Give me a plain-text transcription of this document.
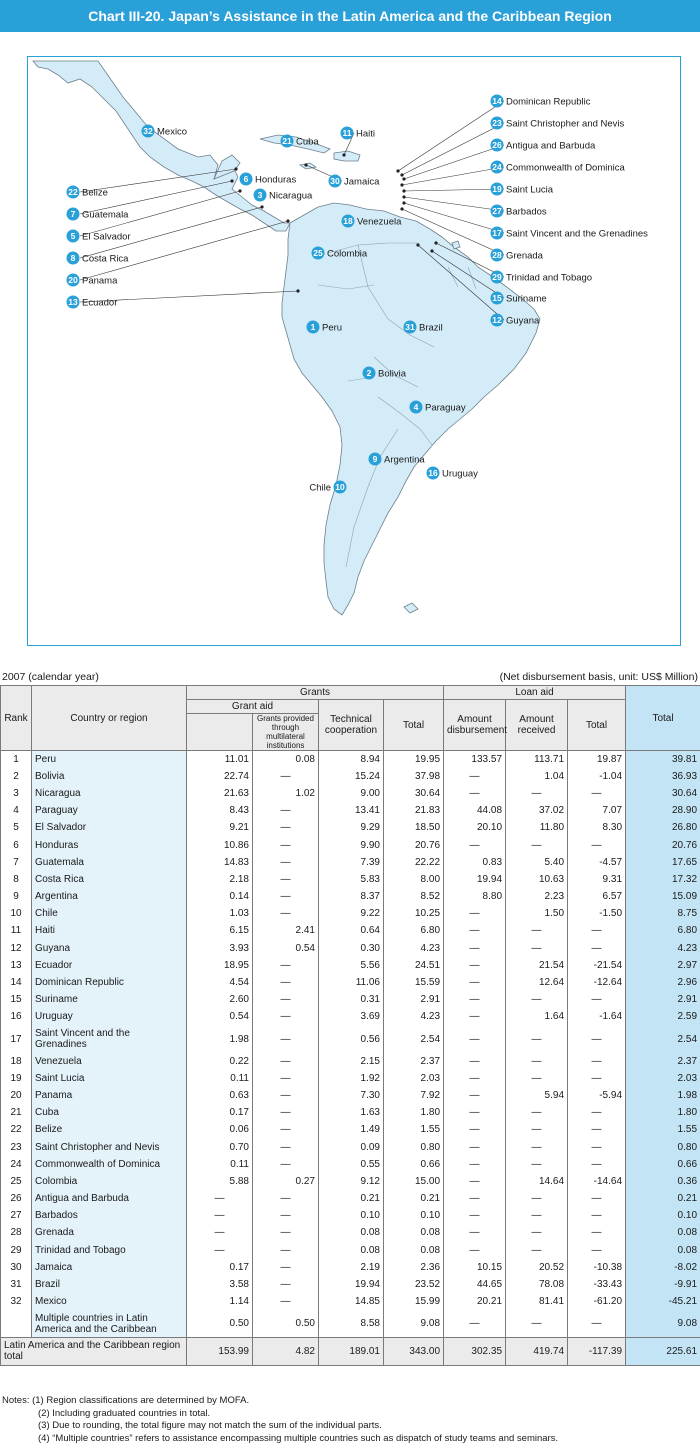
Chart III-20. Japan’s Assistance in the Latin America and the Caribbean Region
14 Dominican Republic
23 Saint Christopher and Nevis
26 Antigua and Barbuda
24 Commonwealth of Dominica
19 Saint Lucia
27 Barbados
17 Saint Vincent and the Grenadines
28 Grenada
29 Trinidad and Tobago
15 Suriname
12 Guyana
32 Mexico
21 Cuba
11 Haiti
30 Jamaica
6 Honduras
3 Nicaragua
22 Belize
7 Guatemala
5 El Salvador
8 Costa Rica
20 Panama
13 Ecuador
18 Venezuela
25 Colombia
1 Peru	31 Brazil
2 Bolivia
4 Paraguay
9 Argentina
16 Uruguay
10
Chile
2007 (calendar year)	(Net disbursement basis, unit: US$ Million)
Rank	Country or region	Grants				Loan aid			Total
		Grant aid		Technical cooperation	Total	Amount disbursement	Amount received	Total	
			Grants provided through multilateral institutions						
1	Peru	11.01	0.08	8.94	19.95	133.57	113.71	19.87	39.81
2	Bolivia	22.74	—	15.24	37.98	—	1.04	-1.04	36.93
3	Nicaragua	21.63	1.02	9.00	30.64	—	—	—	30.64
4	Paraguay	8.43	—	13.41	21.83	44.08	37.02	7.07	28.90
5	El Salvador	9.21	—	9.29	18.50	20.10	11.80	8.30	26.80
6	Honduras	10.86	—	9.90	20.76	—	—	—	20.76
7	Guatemala	14.83	—	7.39	22.22	0.83	5.40	-4.57	17.65
8	Costa Rica	2.18	—	5.83	8.00	19.94	10.63	9.31	17.32
9	Argentina	0.14	—	8.37	8.52	8.80	2.23	6.57	15.09
10	Chile	1.03	—	9.22	10.25	—	1.50	-1.50	8.75
11	Haiti	6.15	2.41	0.64	6.80	—	—	—	6.80
12	Guyana	3.93	0.54	0.30	4.23	—	—	—	4.23
13	Ecuador	18.95	—	5.56	24.51	—	21.54	-21.54	2.97
14	Dominican Republic	4.54	—	11.06	15.59	—	12.64	-12.64	2.96
15	Suriname	2.60	—	0.31	2.91	—	—	—	2.91
16	Uruguay	0.54	—	3.69	4.23	—	1.64	-1.64	2.59
17	Saint Vincent and the Grenadines	1.98	—	0.56	2.54	—	—	—	2.54
18	Venezuela	0.22	—	2.15	2.37	—	—	—	2.37
19	Saint Lucia	0.11	—	1.92	2.03	—	—	—	2.03
20	Panama	0.63	—	7.30	7.92	—	5.94	-5.94	1.98
21	Cuba	0.17	—	1.63	1.80	—	—	—	1.80
22	Belize	0.06	—	1.49	1.55	—	—	—	1.55
23	Saint Christopher and Nevis	0.70	—	0.09	0.80	—	—	—	0.80
24	Commonwealth of Dominica	0.11	—	0.55	0.66	—	—	—	0.66
25	Colombia	5.88	0.27	9.12	15.00	—	14.64	-14.64	0.36
26	Antigua and Barbuda	—	—	0.21	0.21	—	—	—	0.21
27	Barbados	—	—	0.10	0.10	—	—	—	0.10
28	Grenada	—	—	0.08	0.08	—	—	—	0.08
29	Trinidad and Tobago	—	—	0.08	0.08	—	—	—	0.08
30	Jamaica	0.17	—	2.19	2.36	10.15	20.52	-10.38	-8.02
31	Brazil	3.58	—	19.94	23.52	44.65	78.08	-33.43	-9.91
32	Mexico	1.14	—	14.85	15.99	20.21	81.41	-61.20	-45.21
	Multiple countries in Latin America and the Caribbean	0.50	0.50	8.58	9.08	—	—	—	9.08
Latin America and the Caribbean region total		153.99	4.82	189.01	343.00	302.35	419.74	-117.39	225.61
Notes: (1) Region classifications are determined by MOFA.
(2) Including graduated countries in total.
(3) Due to rounding, the total figure may not match the sum of the individual parts.
(4) “Multiple countries” refers to assistance encompassing multiple countries such as dispatch of study teams and seminars.
